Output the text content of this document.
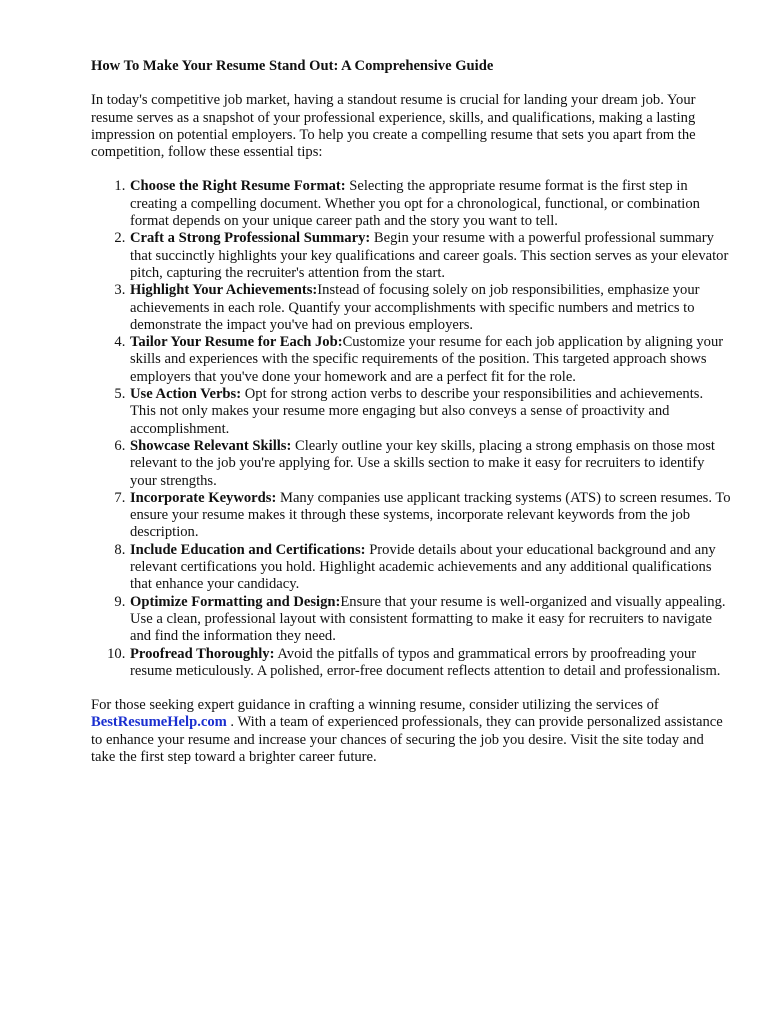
How To Make Your Resume Stand Out: A Comprehensive Guide

In today's competitive job market, having a standout resume is crucial for landing your dream job. Your resume serves as a snapshot of your professional experience, skills, and qualifications, making a lasting impression on potential employers. To help you create a compelling resume that sets you apart from the competition, follow these essential tips:

1. Choose the Right Resume Format: Selecting the appropriate resume format is the first step in creating a compelling document. Whether you opt for a chronological, functional, or combination format depends on your unique career path and the story you want to tell.
2. Craft a Strong Professional Summary: Begin your resume with a powerful professional summary that succinctly highlights your key qualifications and career goals. This section serves as your elevator pitch, capturing the recruiter's attention from the start.
3. Highlight Your Achievements:Instead of focusing solely on job responsibilities, emphasize your achievements in each role. Quantify your accomplishments with specific numbers and metrics to demonstrate the impact you've had on previous employers.
4. Tailor Your Resume for Each Job:Customize your resume for each job application by aligning your skills and experiences with the specific requirements of the position. This targeted approach shows employers that you've done your homework and are a perfect fit for the role.
5. Use Action Verbs: Opt for strong action verbs to describe your responsibilities and achievements. This not only makes your resume more engaging but also conveys a sense of proactivity and accomplishment.
6. Showcase Relevant Skills: Clearly outline your key skills, placing a strong emphasis on those most relevant to the job you're applying for. Use a skills section to make it easy for recruiters to identify your strengths.
7. Incorporate Keywords: Many companies use applicant tracking systems (ATS) to screen resumes. To ensure your resume makes it through these systems, incorporate relevant keywords from the job description.
8. Include Education and Certifications: Provide details about your educational background and any relevant certifications you hold. Highlight academic achievements and any additional qualifications that enhance your candidacy.
9. Optimize Formatting and Design:Ensure that your resume is well-organized and visually appealing. Use a clean, professional layout with consistent formatting to make it easy for recruiters to navigate and find the information they need.
10. Proofread Thoroughly: Avoid the pitfalls of typos and grammatical errors by proofreading your resume meticulously. A polished, error-free document reflects attention to detail and professionalism.

For those seeking expert guidance in crafting a winning resume, consider utilizing the services of
BestResumeHelp.com . With a team of experienced professionals, they can provide personalized assistance to enhance your resume and increase your chances of securing the job you desire. Visit the site today and take the first step toward a brighter career future.
